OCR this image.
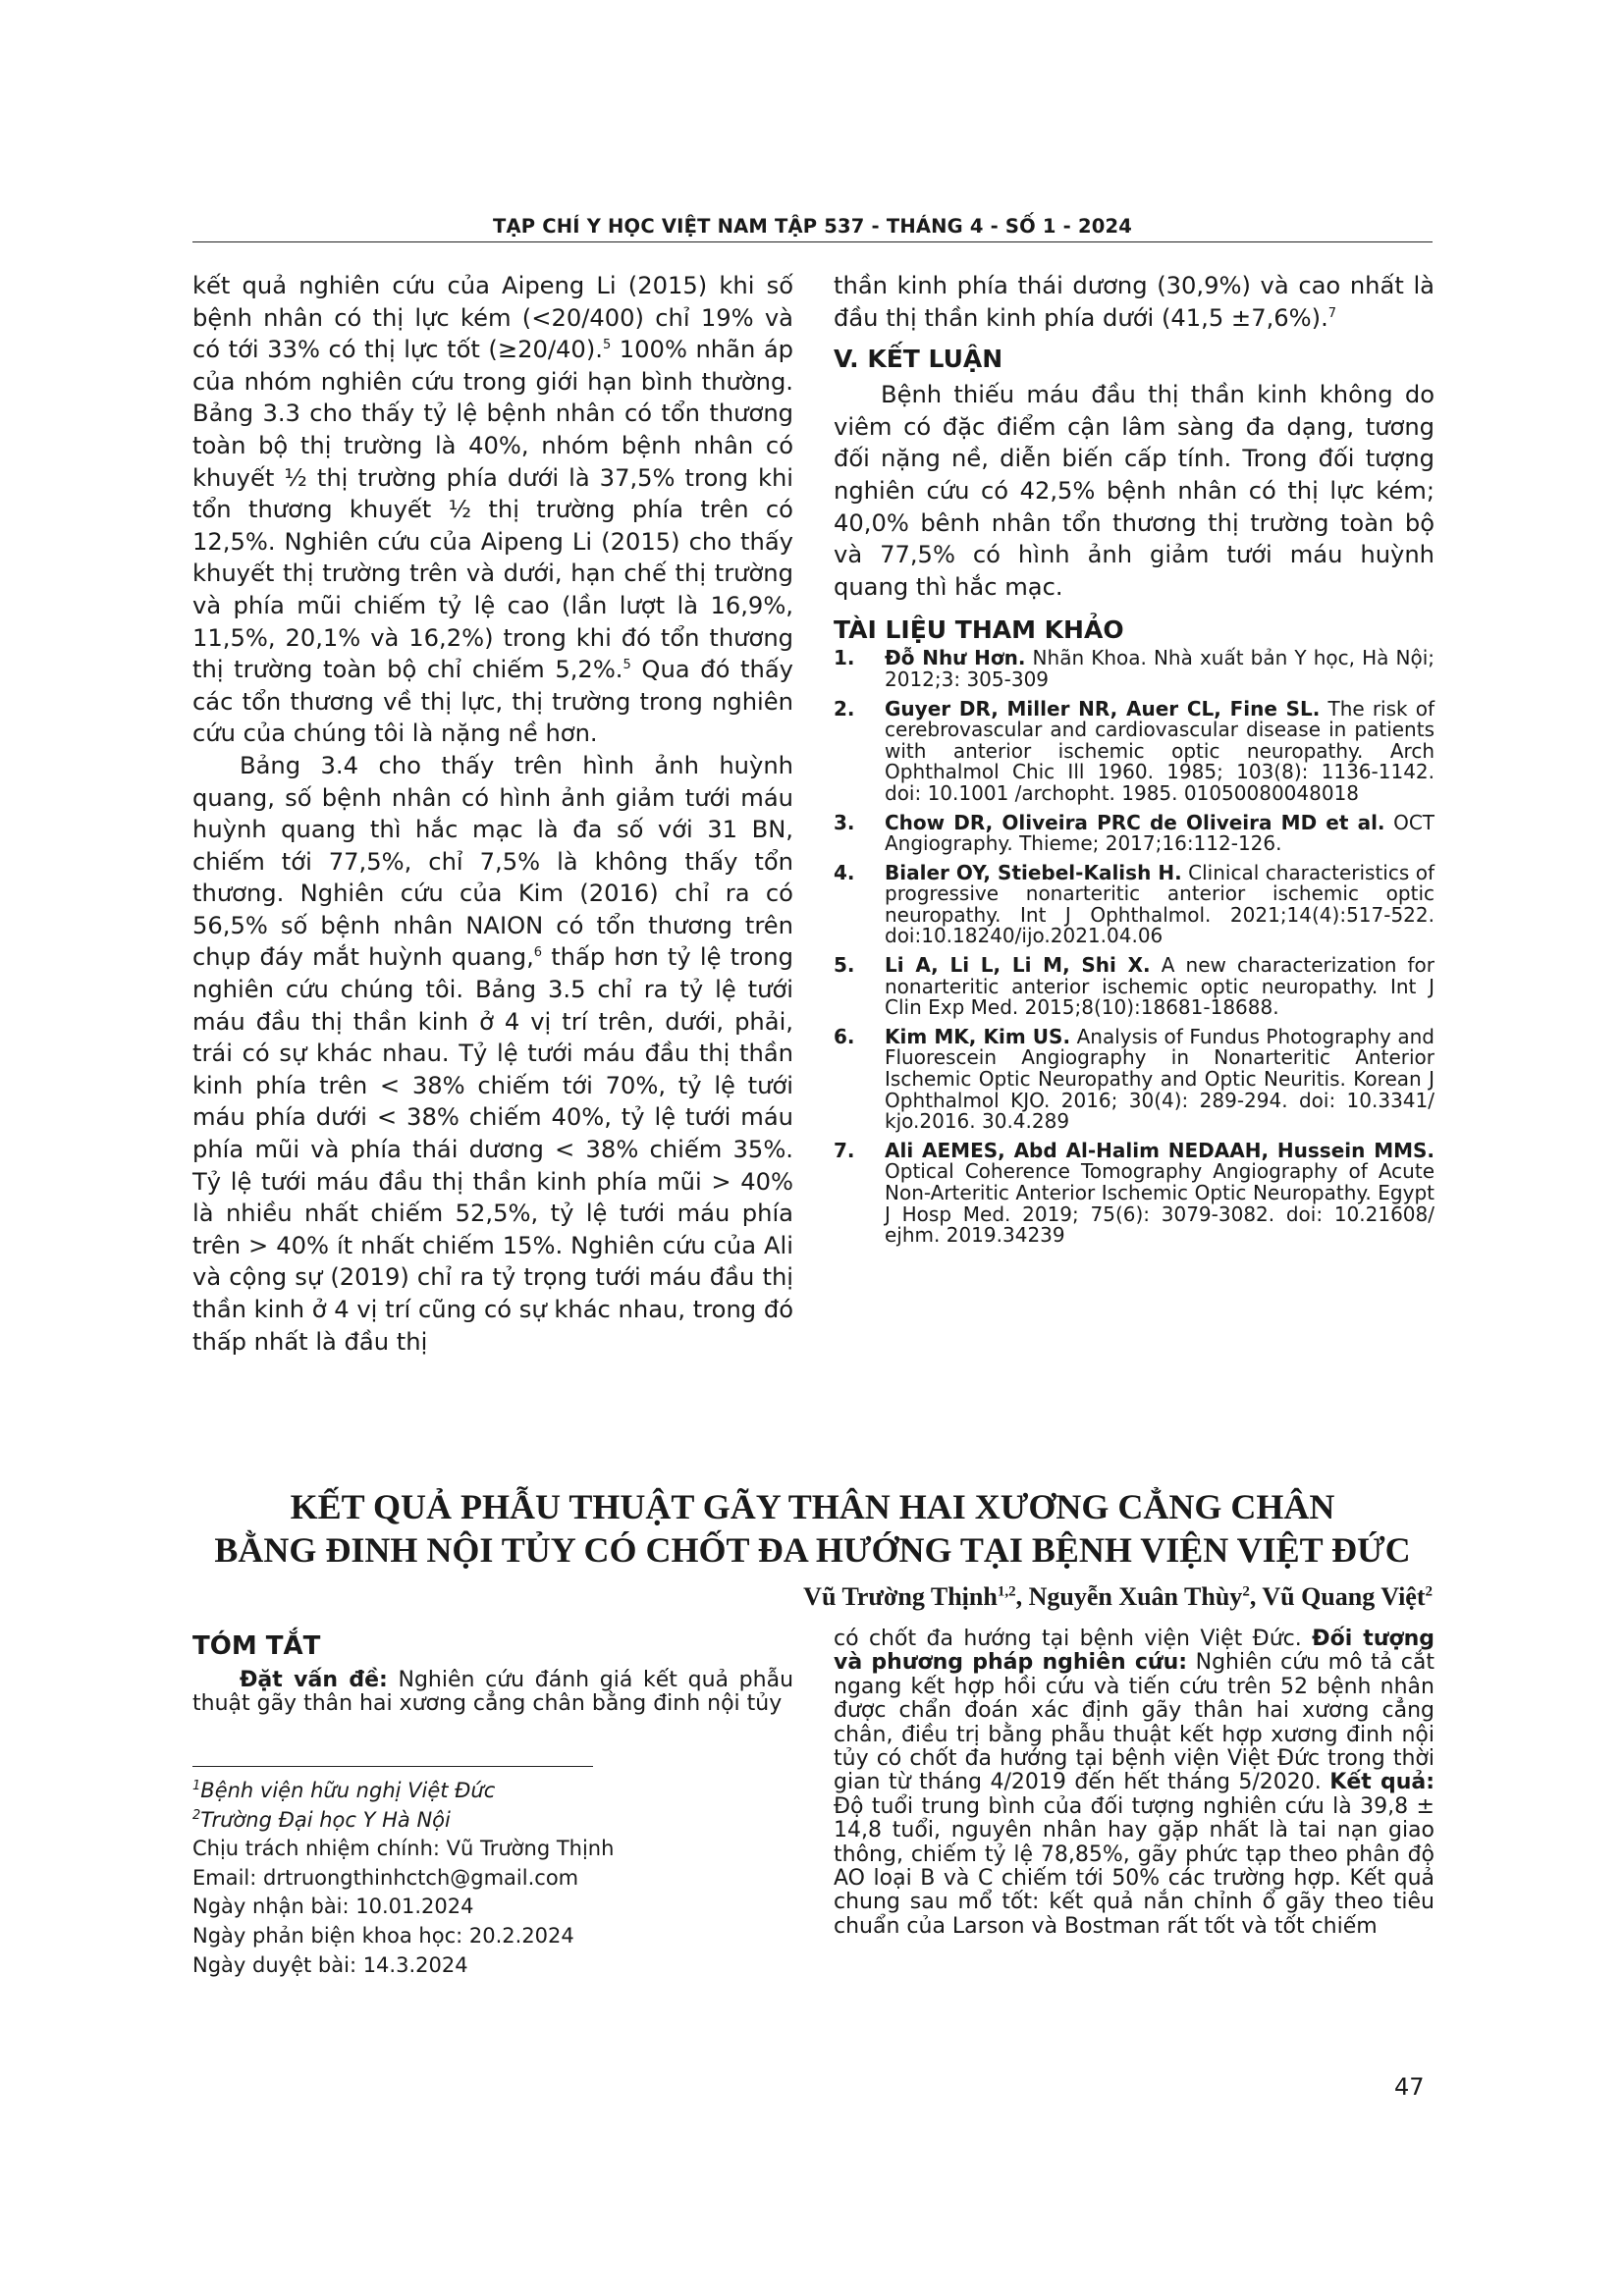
TẠP CHÍ Y HỌC VIỆT NAM TẬP 537 - THÁNG 4 - SỐ 1 - 2024

kết quả nghiên cứu của Aipeng Li (2015) khi số bệnh nhân có thị lực kém (<20/400) chỉ 19% và có tới 33% có thị lực tốt (≥20/40).$^5$ 100% nhãn áp của nhóm nghiên cứu trong giới hạn bình thường. Bảng 3.3 cho thấy tỷ lệ bệnh nhân có tổn thương toàn bộ thị trường là 40%, nhóm bệnh nhân có khuyết ½ thị trường phía dưới là 37,5% trong khi tổn thương khuyết ½ thị trường phía trên có 12,5%. Nghiên cứu của Aipeng Li (2015) cho thấy khuyết thị trường trên và dưới, hạn chế thị trường và phía mũi chiếm tỷ lệ cao (lần lượt là 16,9%, 11,5%, 20,1% và 16,2%) trong khi đó tổn thương thị trường toàn bộ chỉ chiếm 5,2%.$^5$ Qua đó thấy các tổn thương về thị lực, thị trường trong nghiên cứu của chúng tôi là nặng nề hơn.

Bảng 3.4 cho thấy trên hình ảnh huỳnh quang, số bệnh nhân có hình ảnh giảm tưới máu huỳnh quang thì hắc mạc là đa số với 31 BN, chiếm tới 77,5%, chỉ 7,5% là không thấy tổn thương. Nghiên cứu của Kim (2016) chỉ ra có 56,5% số bệnh nhân NAION có tổn thương trên chụp đáy mắt huỳnh quang,$^6$ thấp hơn tỷ lệ trong nghiên cứu chúng tôi. Bảng 3.5 chỉ ra tỷ lệ tưới máu đầu thị thần kinh ở 4 vị trí trên, dưới, phải, trái có sự khác nhau. Tỷ lệ tưới máu đầu thị thần kinh phía trên < 38% chiếm tới 70%, tỷ lệ tưới máu phía dưới < 38% chiếm 40%, tỷ lệ tưới máu phía mũi và phía thái dương < 38% chiếm 35%. Tỷ lệ tưới máu đầu thị thần kinh phía mũi > 40% là nhiều nhất chiếm 52,5%, tỷ lệ tưới máu phía trên > 40% ít nhất chiếm 15%. Nghiên cứu của Ali và cộng sự (2019) chỉ ra tỷ trọng tưới máu đầu thị thần kinh ở 4 vị trí cũng có sự khác nhau, trong đó thấp nhất là đầu thị

thần kinh phía thái dương (30,9%) và cao nhất là đầu thị thần kinh phía dưới (41,5 ±7,6%).$^7$

V. KẾT LUẬN

Bệnh thiếu máu đầu thị thần kinh không do viêm có đặc điểm cận lâm sàng đa dạng, tương đối nặng nề, diễn biến cấp tính. Trong đối tượng nghiên cứu có 42,5% bệnh nhân có thị lực kém; 40,0% bênh nhân tổn thương thị trường toàn bộ và 77,5% có hình ảnh giảm tưới máu huỳnh quang thì hắc mạc.

TÀI LIỆU THAM KHẢO
1. Đỗ Như Hơn. Nhãn Khoa. Nhà xuất bản Y học, Hà Nội; 2012;3: 305-309
2. Guyer DR, Miller NR, Auer CL, Fine SL. The risk of cerebrovascular and cardiovascular disease in patients with anterior ischemic optic neuropathy. Arch Ophthalmol Chic Ill 1960. 1985; 103(8): 1136-1142. doi: 10.1001 /archopht. 1985. 01050080048018
3. Chow DR, Oliveira PRC de Oliveira MD et al. OCT Angiography. Thieme; 2017;16:112-126.
4. Bialer OY, Stiebel-Kalish H. Clinical characteristics of progressive nonarteritic anterior ischemic optic neuropathy. Int J Ophthalmol. 2021;14(4):517-522. doi:10.18240/ijo.2021.04.06
5. Li A, Li L, Li M, Shi X. A new characterization for nonarteritic anterior ischemic optic neuropathy. Int J Clin Exp Med. 2015;8(10):18681-18688.
6. Kim MK, Kim US. Analysis of Fundus Photography and Fluorescein Angiography in Nonarteritic Anterior Ischemic Optic Neuropathy and Optic Neuritis. Korean J Ophthalmol KJO. 2016; 30(4): 289-294. doi: 10.3341/ kjo.2016. 30.4.289
7. Ali AEMES, Abd Al-Halim NEDAAH, Hussein MMS. Optical Coherence Tomography Angiography of Acute Non-Arteritic Anterior Ischemic Optic Neuropathy. Egypt J Hosp Med. 2019; 75(6): 3079-3082. doi: 10.21608/ ejhm. 2019.34239
KẾT QUẢ PHẪU THUẬT GÃY THÂN HAI XƯƠNG CẲNG CHÂN
BẰNG ĐINH NỘI TỦY CÓ CHỐT ĐA HƯỚNG TẠI BỆNH VIỆN VIỆT ĐỨC
Vũ Trường Thịnh$^{1,2}$, Nguyễn Xuân Thùy$^2$, Vũ Quang Việt$^2$
TÓM TẮT

Đặt vấn đề: Nghiên cứu đánh giá kết quả phẫu thuật gãy thân hai xương cẳng chân bằng đinh nội tủy

$^1$Bệnh viện hữu nghị Việt Đức
$^2$Trường Đại học Y Hà Nội
Chịu trách nhiệm chính: Vũ Trường Thịnh
Email: drtruongthinhctch@gmail.com
Ngày nhận bài: 10.01.2024
Ngày phản biện khoa học: 20.2.2024
Ngày duyệt bài: 14.3.2024

có chốt đa hướng tại bệnh viện Việt Đức. Đối tượng và phương pháp nghiên cứu: Nghiên cứu mô tả cắt ngang kết hợp hồi cứu và tiến cứu trên 52 bệnh nhân được chẩn đoán xác định gãy thân hai xương cẳng chân, điều trị bằng phẫu thuật kết hợp xương đinh nội tủy có chốt đa hướng tại bệnh viện Việt Đức trong thời gian từ tháng 4/2019 đến hết tháng 5/2020. Kết quả: Độ tuổi trung bình của đối tượng nghiên cứu là 39,8 ± 14,8 tuổi, nguyên nhân hay gặp nhất là tai nạn giao thông, chiếm tỷ lệ 78,85%, gãy phức tạp theo phân độ AO loại B và C chiếm tới 50% các trường hợp. Kết quả chung sau mổ tốt: kết quả nắn chỉnh ổ gãy theo tiêu chuẩn của Larson và Bostman rất tốt và tốt chiếm

47
